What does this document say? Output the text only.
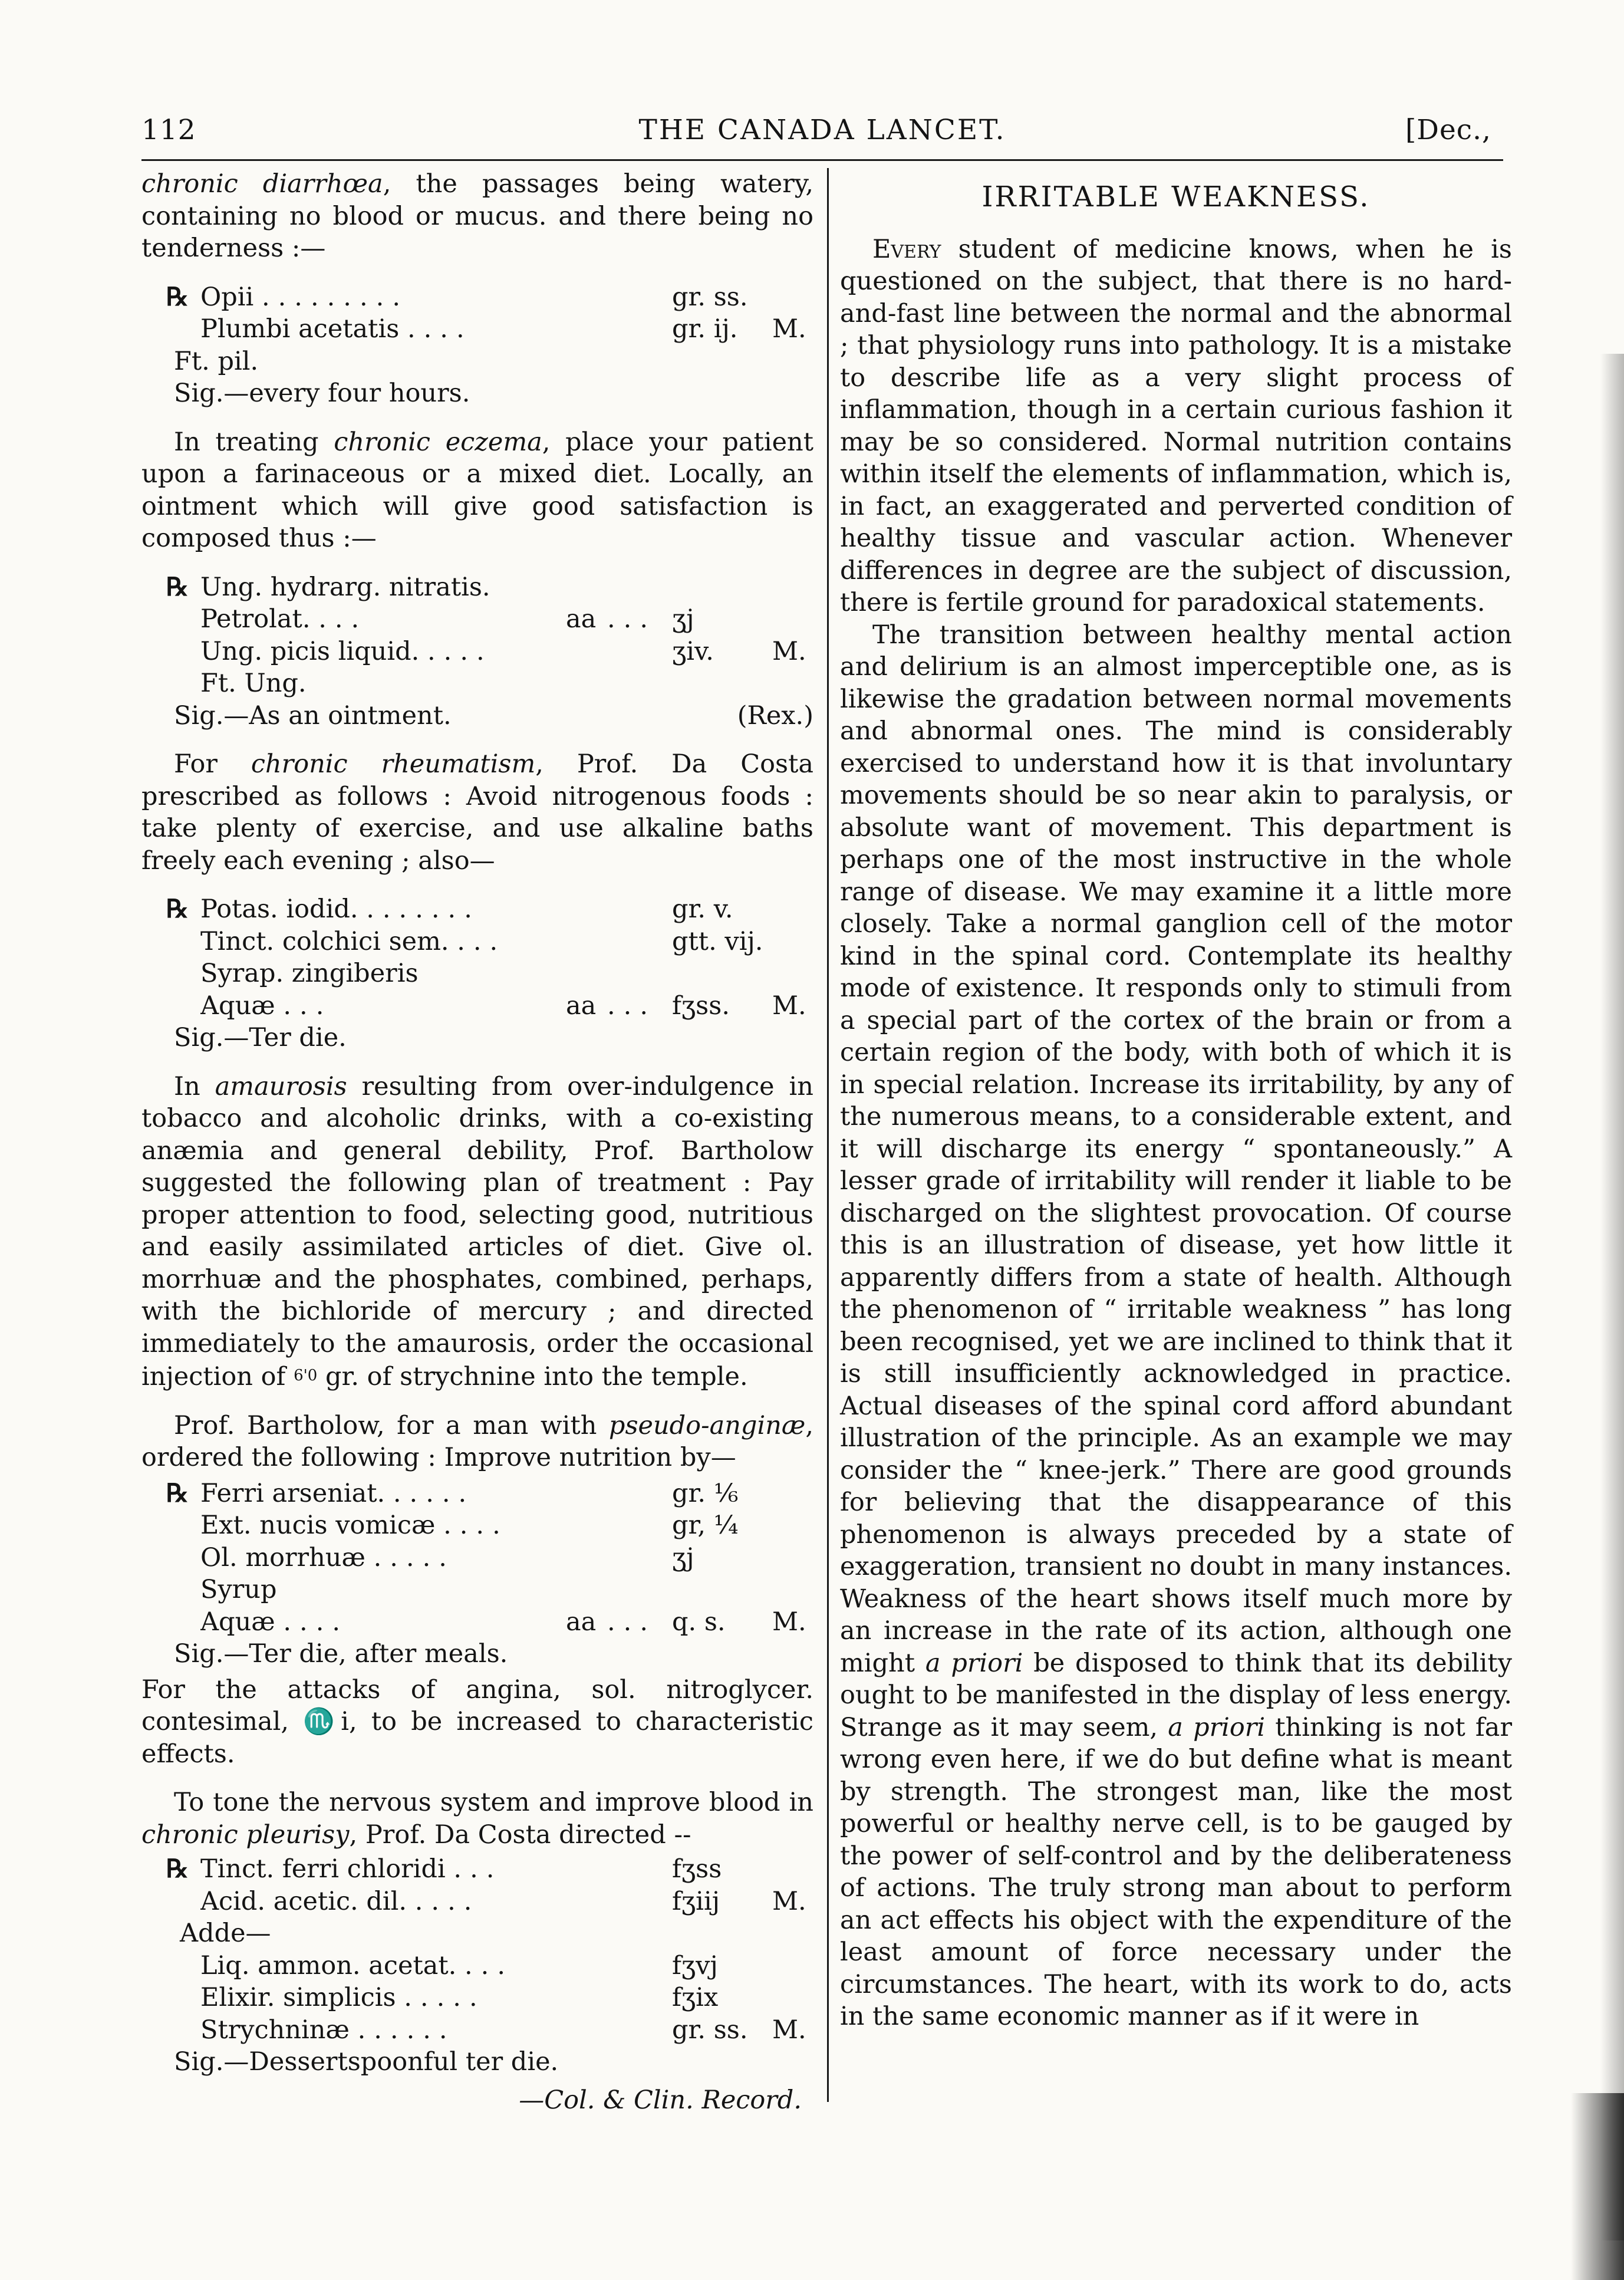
112	THE CANADA LANCET.	[Dec.,

chronic diarrhœa, the passages being watery, containing no blood or mucus. and there being no tenderness :—

℞ Opii .........	gr. ss.
Plumbi acetatis ....	gr. ij.	M.
Ft. pil.
Sig.—every four hours.

In treating chronic eczema, place your patient upon a farinaceous or a mixed diet. Locally, an ointment which will give good satisfaction is composed thus :—

℞ Ung. hydrarg. nitratis.
Petrolat. ...	aa ... ʒj
Ung. picis liquid. ....	ʒiv.	M.
Ft. Ung.
Sig.—As an ointment.	(Rex.)

For chronic rheumatism, Prof. Da Costa prescribed as follows : Avoid nitrogenous foods : take plenty of exercise, and use alkaline baths freely each evening ; also—

℞ Potas. iodid. .......	gr. v.
Tinct. colchici sem. ...	gtt. vij.
Syrap. zingiberis
Aquæ ...	aa ... fʒss.	M.
Sig.—Ter die.

In amaurosis resulting from over-indulgence in tobacco and alcoholic drinks, with a co-existing anæmia and general debility, Prof. Bartholow suggested the following plan of treatment : Pay proper attention to food, selecting good, nutritious and easily assimilated articles of diet. Give ol. morrhuæ and the phosphates, combined, perhaps, with the bichloride of mercury ; and directed immediately to the amaurosis, order the occasional injection of 6'0 gr. of strychnine into the temple.

Prof. Bartholow, for a man with pseudo-anginæ, ordered the following : Improve nutrition by—

℞ Ferri arseniat. .....	gr. ⅙
Ext. nucis vomicæ ....	gr, ¼
Ol. morrhuæ .....	ʒj
Syrup
Aquæ ....	aa ... q. s.	M.
Sig.—Ter die, after meals.

For the attacks of angina, sol. nitroglycer. contesimal, ♏i, to be increased to characteristic effects.

To tone the nervous system and improve blood in chronic pleurisy, Prof. Da Costa directed --

℞ Tinct. ferri chloridi ...	fʒss
Acid. acetic. dil. ....	fʒiij	M.
Adde—
Liq. ammon. acetat. ...	fʒvj
Elixir. simplicis .....	fʒix
Strychninæ ......	gr. ss. M.
Sig.—Dessertspoonful ter die.
—Col. & Clin. Record.
IRRITABLE WEAKNESS.

Every student of medicine knows, when he is questioned on the subject, that there is no hard-and-fast line between the normal and the abnormal ; that physiology runs into pathology. It is a mistake to describe life as a very slight process of inflammation, though in a certain curious fashion it may be so considered. Normal nutrition contains within itself the elements of inflammation, which is, in fact, an exaggerated and perverted condition of healthy tissue and vascular action. Whenever differences in degree are the subject of discussion, there is fertile ground for paradoxical statements.

The transition between healthy mental action and delirium is an almost imperceptible one, as is likewise the gradation between normal movements and abnormal ones. The mind is considerably exercised to understand how it is that involuntary movements should be so near akin to paralysis, or absolute want of movement. This department is perhaps one of the most instructive in the whole range of disease. We may examine it a little more closely. Take a normal ganglion cell of the motor kind in the spinal cord. Contemplate its healthy mode of existence. It responds only to stimuli from a special part of the cortex of the brain or from a certain region of the body, with both of which it is in special relation. Increase its irritability, by any of the numerous means, to a considerable extent, and it will discharge its energy “ spontaneously.” A lesser grade of irritability will render it liable to be discharged on the slightest provocation. Of course this is an illustration of disease, yet how little it apparently differs from a state of health. Although the phenomenon of “ irritable weakness ” has long been recognised, yet we are inclined to think that it is still insufficiently acknowledged in practice. Actual diseases of the spinal cord afford abundant illustration of the principle. As an example we may consider the “ knee-jerk.” There are good grounds for believing that the disappearance of this phenomenon is always preceded by a state of exaggeration, transient no doubt in many instances. Weakness of the heart shows itself much more by an increase in the rate of its action, although one might a priori be disposed to think that its debility ought to be manifested in the display of less energy. Strange as it may seem, a priori thinking is not far wrong even here, if we do but define what is meant by strength. The strongest man, like the most powerful or healthy nerve cell, is to be gauged by the power of self-control and by the deliberateness of actions. The truly strong man about to perform an act effects his object with the expenditure of the least amount of force necessary under the circumstances. The heart, with its work to do, acts in the same economic manner as if it were in
